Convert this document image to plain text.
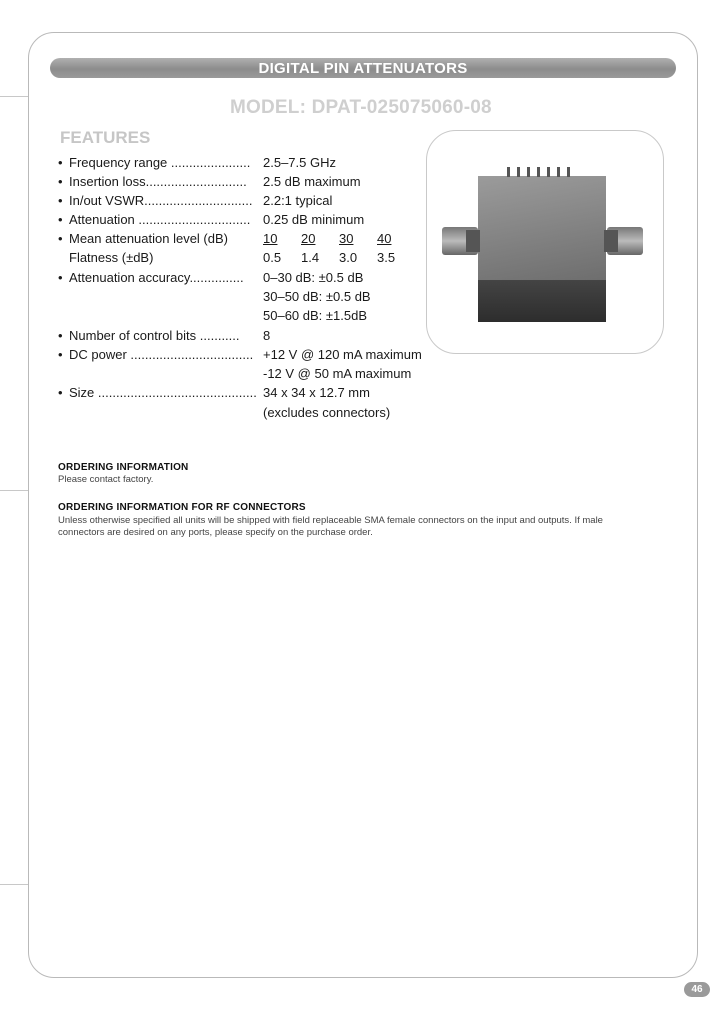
DIGITAL PIN ATTENUATORS
MODEL: DPAT-025075060-08
FEATURES
• Frequency range ...................... 2.5–7.5 GHz
• Insertion loss............................ 2.5 dB maximum
• In/out VSWR.............................. 2.2:1 typical
• Attenuation ............................... 0.25 dB minimum
• Mean attenuation level (dB)	10 20 30 40
Flatness (±dB)	0.5 1.4 3.0 3.5
• Attenuation accuracy............... 0–30 dB: ±0.5 dB
30–50 dB: ±0.5 dB
50–60 dB: ±1.5dB
• Number of control bits ........... 8
• DC power .................................. +12 V @ 120 mA maximum
-12 V @ 50 mA maximum
• Size ............................................ 34 x 34 x 12.7 mm
(excludes connectors)
ORDERING INFORMATION
Please contact factory.
ORDERING INFORMATION FOR RF CONNECTORS
Unless otherwise specified all units will be shipped with field replaceable SMA female connectors on the input and outputs. If male connectors are desired on any ports, please specify on the purchase order.
46
